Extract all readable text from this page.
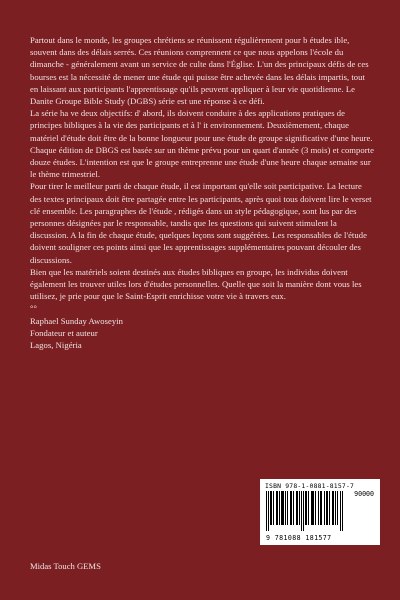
Partout dans le monde, les groupes chrétiens se réunissent régulièrement pour b études ible, souvent dans des délais serrés. Ces réunions comprennent ce que nous appelons l'école du dimanche - généralement avant un service de culte dans l'Église. L'un des principaux défis de ces bourses est la nécessité de mener une étude qui puisse être achevée dans les délais impartis, tout en laissant aux participants l'apprentissage qu'ils peuvent appliquer à leur vie quotidienne. Le Danite Groupe Bible Study (DGBS) série est une réponse à ce défi.

La série ha ve deux objectifs: d' abord, ils doivent conduire à des applications pratiques de principes bibliques à la vie des participants et à l' it environnement. Deuxièmement, chaque matériel d'étude doit être de la bonne longueur pour une étude de groupe significative d'une heure.

Chaque édition de DBGS est basée sur un thème prévu pour un quart d'année (3 mois) et comporte douze études. L'intention est que le groupe entreprenne une étude d'une heure chaque semaine sur le thème trimestriel.

Pour tirer le meilleur parti de chaque étude, il est important qu'elle soit participative. La lecture des textes principaux doit être partagée entre les participants, après quoi tous doivent lire le verset clé ensemble. Les paragraphes de l'étude , rédigés dans un style pédagogique, sont lus par des personnes désignées par le responsable, tandis que les questions qui suivent stimulent la discussion. A la fin de chaque étude, quelques leçons sont suggérées. Les responsables de l'étude doivent souligner ces points ainsi que les apprentissages supplémentaires pouvant découler des discussions.

Bien que les matériels soient destinés aux études bibliques en groupe, les individus doivent également les trouver utiles lors d'études personnelles. Quelle que soit la manière dont vous les utilisez, je prie pour que le Saint-Esprit enrichisse votre vie à travers eux.

°°
Raphael Sunday Awoseyin
Fondateur et auteur
Lagos, Nigéria
ISBN 978-1-0881-8157-7
90000
9 781088 181577
Midas Touch GEMS
